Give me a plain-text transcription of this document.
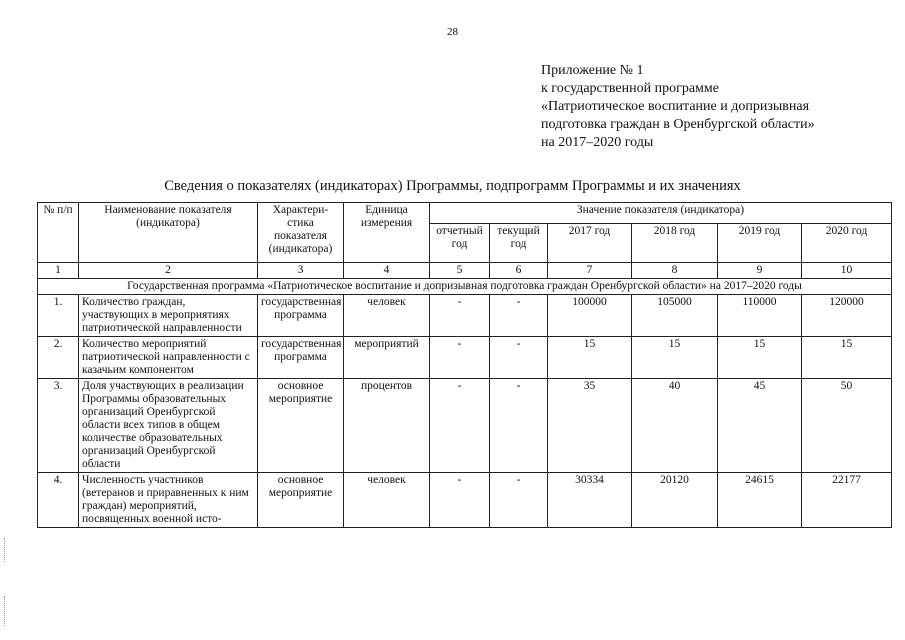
28
Приложение № 1
к государственной программе
«Патриотическое воспитание и допризывная
подготовка граждан в Оренбургской области»
на 2017–2020 годы
Сведения о показателях (индикаторах) Программы, подпрограмм Программы и их значениях
№ п/п	Наименование показателя (индикатора)	Характери-стика показателя (индикатора)	Единица измерения	Значение показателя (индикатора)					
				отчетный год	текущий год	2017 год	2018 год	2019 год	2020 год
1	2	3	4	5	6	7	8	9	10
Государственная программа «Патриотическое воспитание и допризывная подготовка граждан Оренбургской области» на 2017–2020 годы									
1.	Количество граждан, участвующих в мероприятиях патриотической направленности	государственная программа	человек	-	-	100000	105000	110000	120000
2.	Количество мероприятий патриотической направленности с казачьим компонентом	государственная программа	мероприятий	-	-	15	15	15	15
3.	Доля участвующих в реализации Программы образовательных организаций Оренбургской области всех типов в общем количестве образовательных организаций Оренбургской области	основное мероприятие	процентов	-	-	35	40	45	50
4.	Численность участников (ветеранов и приравненных к ним граждан) мероприятий, посвященных военной исто-	основное мероприятие	человек	-	-	30334	20120	24615	22177
